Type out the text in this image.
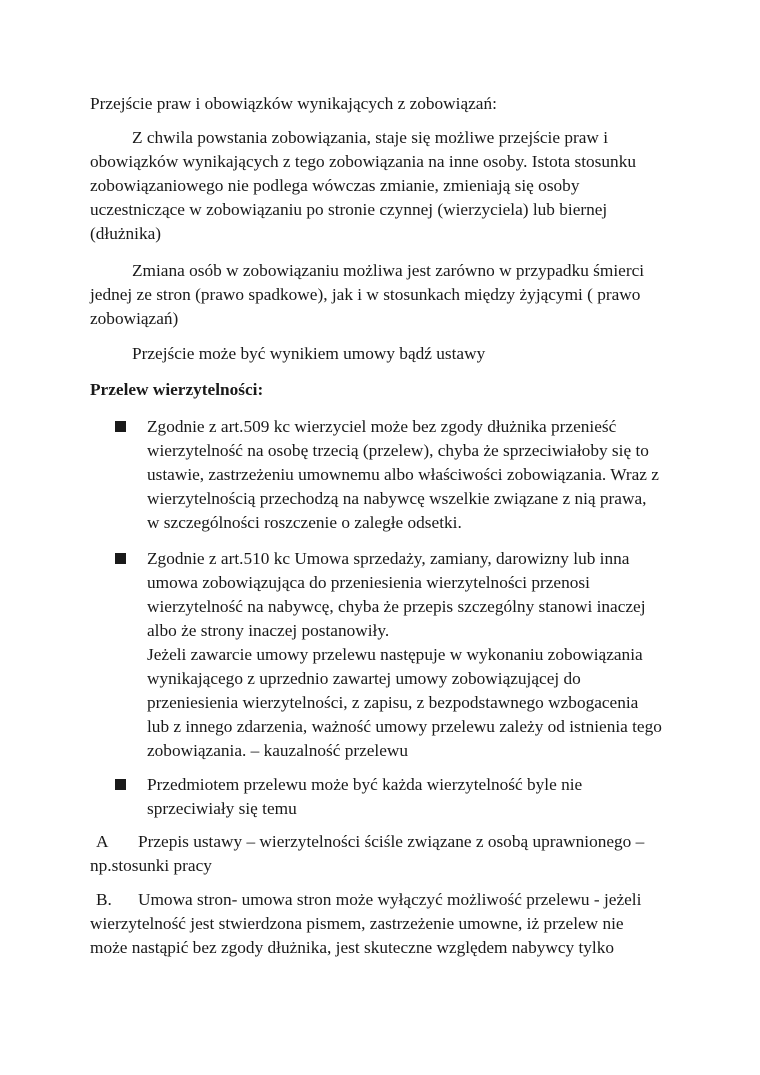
Przejście praw i obowiązków wynikających z zobowiązań:

Z chwila powstania zobowiązania, staje się możliwe przejście praw i
obowiązków wynikających z tego zobowiązania na inne osoby. Istota stosunku
zobowiązaniowego nie podlega wówczas zmianie, zmieniają się osoby
uczestniczące w zobowiązaniu po stronie czynnej (wierzyciela) lub biernej
(dłużnika)
Zmiana osób w zobowiązaniu możliwa jest zarówno w przypadku śmierci
jednej ze stron (prawo spadkowe), jak i w stosunkach między żyjącymi ( prawo
zobowiązań)

Przejście może być wynikiem umowy bądź ustawy

Przelew wierzytelności:

Zgodnie z art.509 kc wierzyciel może bez zgody dłużnika przenieść
wierzytelność na osobę trzecią (przelew), chyba że sprzeciwiałoby się to
ustawie, zastrzeżeniu umownemu albo właściwości zobowiązania. Wraz z
wierzytelnością przechodzą na nabywcę wszelkie związane z nią prawa,
w szczególności roszczenie o zaległe odsetki.
Zgodnie z art.510 kc Umowa sprzedaży, zamiany, darowizny lub inna
umowa zobowiązująca do przeniesienia wierzytelności przenosi
wierzytelność na nabywcę, chyba że przepis szczególny stanowi inaczej
albo że strony inaczej postanowiły.
Jeżeli zawarcie umowy przelewu następuje w wykonaniu zobowiązania
wynikającego z uprzednio zawartej umowy zobowiązującej do
przeniesienia wierzytelności, z zapisu, z bezpodstawnego wzbogacenia
lub z innego zdarzenia, ważność umowy przelewu zależy od istnienia tego
zobowiązania. – kauzalność przelewu
Przedmiotem przelewu może być każda wierzytelność byle nie
sprzeciwiały się temu
A Przepis ustawy – wierzytelności ściśle związane z osobą uprawnionego –
np.stosunki pracy
B. Umowa stron- umowa stron może wyłączyć możliwość przelewu - jeżeli
wierzytelność jest stwierdzona pismem, zastrzeżenie umowne, iż przelew nie
może nastąpić bez zgody dłużnika, jest skuteczne względem nabywcy tylko
